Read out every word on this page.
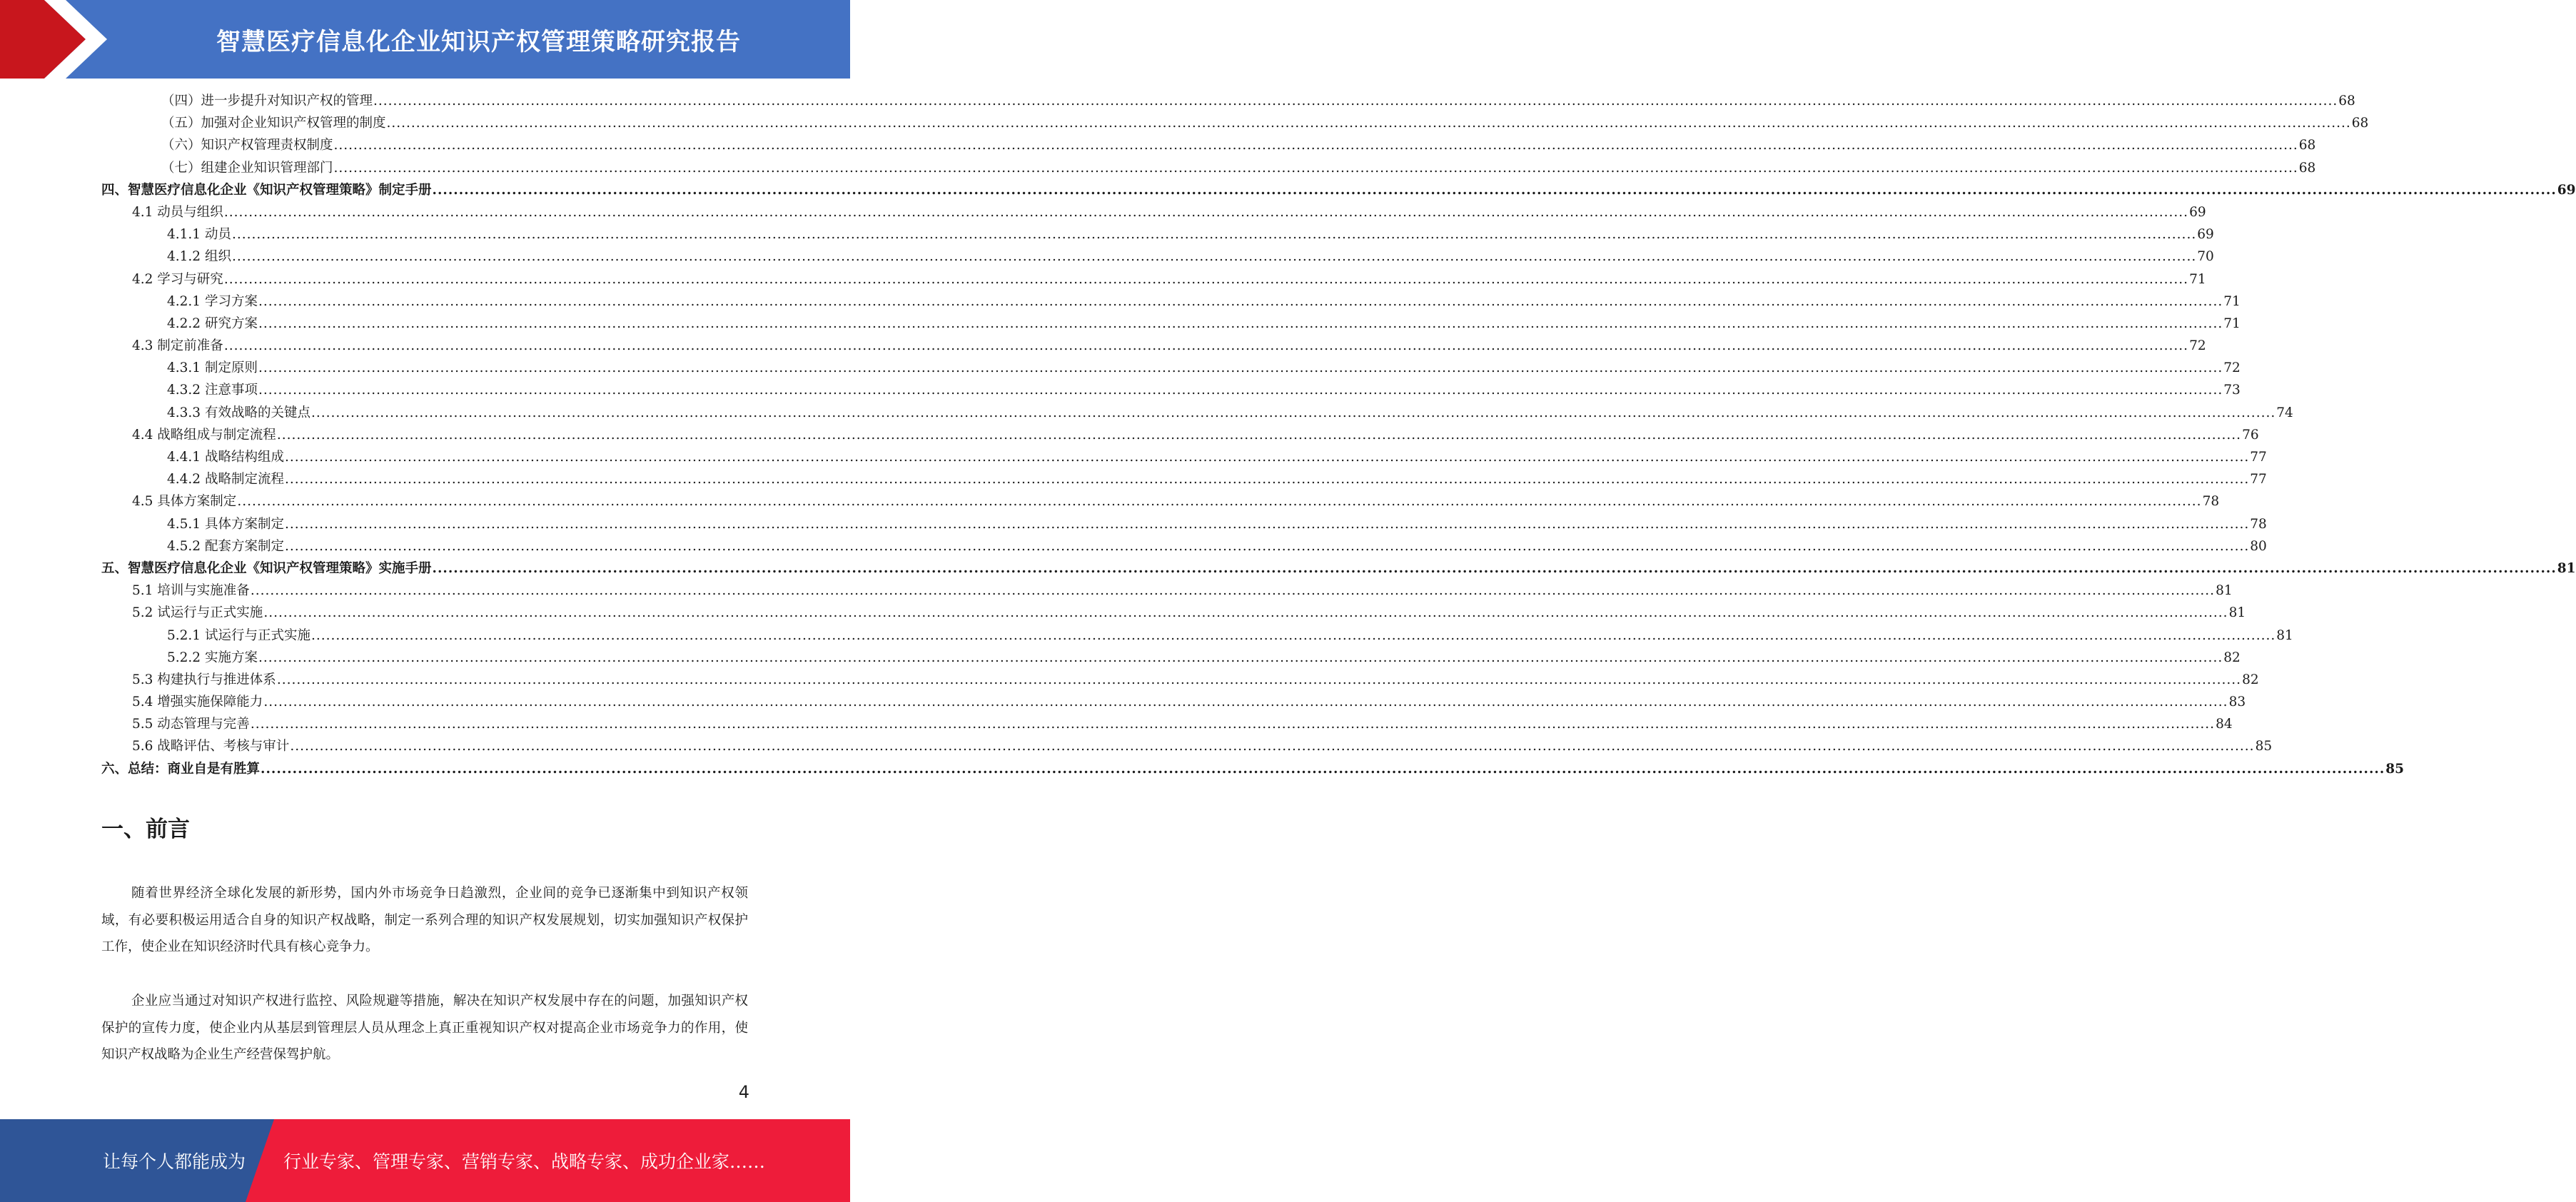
智慧医疗信息化企业知识产权管理策略研究报告
（四）进一步提升对知识产权的管理 ................................................................................................................................................................................................................................................................................................................................................................................................................ 68
（五）加强对企业知识产权管理的制度 ................................................................................................................................................................................................................................................................................................................................................................................................................ 68
（六）知识产权管理责权制度 ................................................................................................................................................................................................................................................................................................................................................................................................................ 68
（七）组建企业知识管理部门 ................................................................................................................................................................................................................................................................................................................................................................................................................ 68
四、智慧医疗信息化企业《知识产权管理策略》制定手册 ................................................................................................................................................................................................................................................................................................................................................................................................................ 69
4.1 动员与组织 ................................................................................................................................................................................................................................................................................................................................................................................................................ 69
4.1.1 动员 ................................................................................................................................................................................................................................................................................................................................................................................................................ 69
4.1.2 组织 ................................................................................................................................................................................................................................................................................................................................................................................................................ 70
4.2 学习与研究 ................................................................................................................................................................................................................................................................................................................................................................................................................ 71
4.2.1 学习方案 ................................................................................................................................................................................................................................................................................................................................................................................................................ 71
4.2.2 研究方案 ................................................................................................................................................................................................................................................................................................................................................................................................................ 71
4.3 制定前准备 ................................................................................................................................................................................................................................................................................................................................................................................................................ 72
4.3.1 制定原则 ................................................................................................................................................................................................................................................................................................................................................................................................................ 72
4.3.2 注意事项 ................................................................................................................................................................................................................................................................................................................................................................................................................ 73
4.3.3 有效战略的关键点 ................................................................................................................................................................................................................................................................................................................................................................................................................ 74
4.4 战略组成与制定流程 ................................................................................................................................................................................................................................................................................................................................................................................................................ 76
4.4.1 战略结构组成 ................................................................................................................................................................................................................................................................................................................................................................................................................ 77
4.4.2 战略制定流程 ................................................................................................................................................................................................................................................................................................................................................................................................................ 77
4.5 具体方案制定 ................................................................................................................................................................................................................................................................................................................................................................................................................ 78
4.5.1 具体方案制定 ................................................................................................................................................................................................................................................................................................................................................................................................................ 78
4.5.2 配套方案制定 ................................................................................................................................................................................................................................................................................................................................................................................................................ 80
五、智慧医疗信息化企业《知识产权管理策略》实施手册 ................................................................................................................................................................................................................................................................................................................................................................................................................ 81
5.1 培训与实施准备 ................................................................................................................................................................................................................................................................................................................................................................................................................ 81
5.2 试运行与正式实施 ................................................................................................................................................................................................................................................................................................................................................................................................................ 81
5.2.1 试运行与正式实施 ................................................................................................................................................................................................................................................................................................................................................................................................................ 81
5.2.2 实施方案 ................................................................................................................................................................................................................................................................................................................................................................................................................ 82
5.3 构建执行与推进体系 ................................................................................................................................................................................................................................................................................................................................................................................................................ 82
5.4 增强实施保障能力 ................................................................................................................................................................................................................................................................................................................................................................................................................ 83
5.5 动态管理与完善 ................................................................................................................................................................................................................................................................................................................................................................................................................ 84
5.6 战略评估、考核与审计 ................................................................................................................................................................................................................................................................................................................................................................................................................ 85
六、总结：商业自是有胜算 ................................................................................................................................................................................................................................................................................................................................................................................................................ 85
一、前言

随着世界经济全球化发展的新形势，国内外市场竞争日趋激烈，企业间的竞争已逐渐集中到知识产权领域，有必要积极运用适合自身的知识产权战略，制定一系列合理的知识产权发展规划，切实加强知识产权保护工作，使企业在知识经济时代具有核心竞争力。

企业应当通过对知识产权进行监控、风险规避等措施，解决在知识产权发展中存在的问题，加强知识产权保护的宣传力度，使企业内从基层到管理层人员从理念上真正重视知识产权对提高企业市场竞争力的作用，使知识产权战略为企业生产经营保驾护航。

4
让每个人都能成为 行业专家、管理专家、营销专家、战略专家、成功企业家……
